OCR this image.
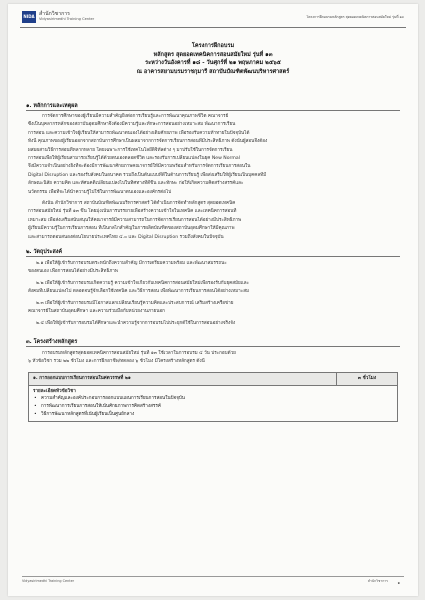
NIDA สำนักวิชาการ
Vidyasirimedhi Training Center	โครงการฝึกอบรมหลักสูตร สุดยอดเทคนิคการสอนสมัยใหม่ รุ่นที่ ๑๓
โครงการฝึกอบรม
หลักสูตร สุดยอดเทคนิคการสอนสมัยใหม่ รุ่นที่ ๑๓
ระหว่างวันอังคารที่ ๑๘ - วันศุกร์ที่ ๒๑ พฤษภาคม ๒๕๖๕
ณ อาคารสยามบรมราชกุมารี สถาบันบัณฑิตพัฒนบริหารศาสตร์
๑. หลักการและเหตุผล
การจัดการศึกษาของผู้เรียนมีความสำคัญยิ่งต่อการเรียนรู้และการพัฒนาคุณภาพชีวิต คณาจารย์
ซึ่งเป็นบุคลากรหลักของสถาบันอุดมศึกษาจึงต้องมีความรู้และทักษะการสอนอย่างเหมาะสม พัฒนาการเรียน
การสอน และความเข้าใจผู้เรียนให้สามารถพัฒนาตนเองได้อย่างเต็มศักยภาพ เพื่อรองรับความท้าทายในปัจจุบันได้
ทั้งนี้ คุณภาพของผู้เรียนออกจากสถาบันการศึกษาเป็นผลมาจากการจัดการเรียนการสอนที่มีประสิทธิภาพ ดังนั้นผู้สอนจึงต้อง
ผสมผสานวิธีการสอนที่หลากหลาย โดยเฉพาะการใช้เทคโนโลยีดิจิทัลต่าง ๆ มาปรับใช้ในการจัดการเรียน
การสอนเพื่อให้ผู้เรียนสามารถเรียนรู้ได้ด้วยตนเองตลอดชีวิต และรองรับการเปลี่ยนแปลงในยุค New Normal
จึงมีความจำเป็นอย่างยิ่งที่จะต้องมีการพัฒนาศักยภาพคณาจารย์ให้มีความพร้อมสำหรับการจัดการเรียนการสอนใน
Digital Disruption และรองรับสังคมในอนาคต รวมถึงเป็นต้นแบบที่ดีในด้านการเรียนรู้ เพื่อส่งเสริมให้ผู้เรียนเป็นบุคคลที่มี
ลักษณะนิสัย ความคิด และทัศนคติเปลี่ยนแปลงไปในทิศทางที่ดีขึ้น และทักษะ ก่อให้เกิดความคิดสร้างสรรค์และ
นวัตกรรม เพื่อที่จะได้นำความรู้ไปใช้ในการพัฒนาตนเองและองค์กรต่อไป
ดังนั้น สำนักวิชาการ สถาบันบัณฑิตพัฒนบริหารศาสตร์ ได้ดำเนินการจัดทำหลักสูตร สุดยอดเทคนิค
การสอนสมัยใหม่ รุ่นที่ ๑๓ ขึ้น โดยมุ่งเน้นการบรรยายเพื่อสร้างความเข้าใจในเทคนิค และเทคนิคการสอนที่
เหมาะสม เพื่อส่งเสริมสนับสนุนให้คณาจารย์มีความสามารถในการจัดการเรียนการสอนได้อย่างมีประสิทธิภาพ
ผู้เรียนมีความรู้ในการเรียนการสอน ที่เป็นกลไกสำคัญในการผลิตบัณฑิตของสถาบันอุดมศึกษาให้มีคุณภาพ
และสามารถตอบสนองต่อนโยบายประเทศไทย ๔.๐ และ Digital Disruption รวมถึงสังคมในปัจจุบัน
๒. วัตถุประสงค์
๒.๑ เพื่อให้ผู้เข้ารับการอบรมตระหนักถึงความสำคัญ มีการเตรียมความพร้อม และพัฒนาสมรรถนะ
ของตนเอง เพื่อการสอนได้อย่างมีประสิทธิภาพ
๒.๒ เพื่อให้ผู้เข้ารับการอบรมเกิดความรู้ ความเข้าใจเกี่ยวกับเทคนิคการสอนสมัยใหม่เพื่อรองรับกับยุคสมัยและ
สังคมที่เปลี่ยนแปลงไป ตลอดจนรู้จักเลือกใช้เทคนิค และวิธีการสอน เพื่อพัฒนาการเรียนการสอนได้อย่างเหมาะสม
๒.๓ เพื่อให้ผู้เข้ารับการอบรมมีโอกาสแลกเปลี่ยนเรียนรู้ความคิดและประสบการณ์ เสริมสร้างเครือข่าย
คณาจารย์ในสถาบันอุดมศึกษา และความร่วมมือกับหน่วยงานภายนอก
๒.๔ เพื่อให้ผู้เข้ารับการอบรมได้ศึกษาและนำความรู้จากการอบรมไปประยุกต์ใช้ในการสอนอย่างจริงจัง
๓. โครงสร้างหลักสูตร
การอบรมหลักสูตรสุดยอดเทคนิคการสอนสมัยใหม่ รุ่นที่ ๑๓ ใช้เวลาในการอบรม ๔ วัน ประกอบด้วย
๖ หัวข้อวิชา รวม ๒๒ ชั่วโมง และการฝึกอาชีพ/ทดลอง ๖ ชั่วโมง มีโครงสร้างหลักสูตร ดังนี้
๑. การออกแบบการเรียนการสอนในศตวรรษที่ ๒๑	๓ ชั่วโมง

รายละเอียดหัวข้อวิชา
• ความสำคัญและองค์ประกอบการออกแบบแผนการเรียนการสอนในปัจจุบัน
• การพัฒนาการเรียนการสอนให้เน้นศักยภาพการคิดสร้างสรรค์
• วิธีการพัฒนาหลักสูตรที่เน้นผู้เรียนเป็นศูนย์กลาง
Vidyasirimedhi Training Center	สำนักวิชาการ ๑
